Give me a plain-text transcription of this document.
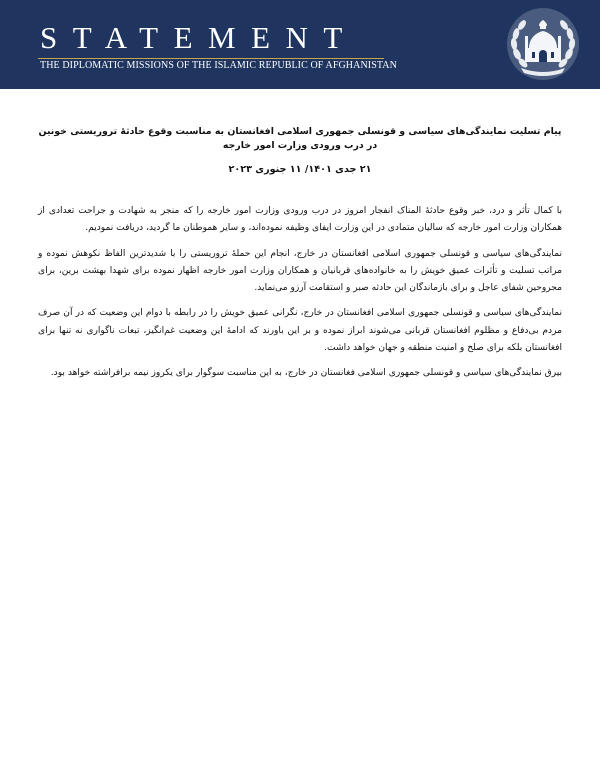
STATEMENT
THE DIPLOMATIC MISSIONS OF THE ISLAMIC REPUBLIC OF AFGHANISTAN

پیام تسلیت نمایندگی‌های سیاسی و قونسلی جمهوری اسلامی افغانستان به مناسبت وقوع حادثهٔ تروریستی خونین در درب ورودی وزارت امور خارجه

۲۱ جدی ۱۴۰۱/ ۱۱ جنوری ۲۰۲۳

با کمال تأثر و درد، خبر وقوع حادثهٔ المناک انفجار امروز در درب ورودی وزارت امور خارجه را که منجر به شهادت و جراحت تعدادی از همکاران وزارت امور خارجه که سالیان متمادی در این وزارت ایفای وظیفه نموده‌اند، و سایر هموطنان ما گردید، دریافت نمودیم.

نمایندگی‌های سیاسی و قونسلی جمهوری اسلامی افغانستان در خارج، انجام این حملهٔ تروریستی را با شدیدترین الفاظ نکوهش نموده و مراتب تسلیت و تأثرات عمیق خویش را به خانواده‌های قربانیان و همکاران وزارت امور خارجه اظهار نموده برای شهدا بهشت برین، برای مجروحین شفای عاجل و برای بازماندگان این حادثه صبر و استقامت آرزو می‌نماید.

نمایندگی‌های سیاسی و قونسلی جمهوری اسلامی افغانستان در خارج، نگرانی عمیق خویش را در رابطه با دوام این وضعیت که در آن صرف مردم بی‌دفاع و مظلوم افغانستان قربانی می‌شوند ابراز نموده و بر این باورند که ادامهٔ این وضعیت غم‌انگیز، تبعات ناگواری نه تنها برای افغانستان بلکه برای صلح و امنیت منطقه و جهان خواهد داشت.

بیرق نمایندگی‌های سیاسی و قونسلی جمهوری اسلامی فغانستان در خارج، به این مناسبت سوگوار برای یکروز نیمه برافراشته خواهد بود.
